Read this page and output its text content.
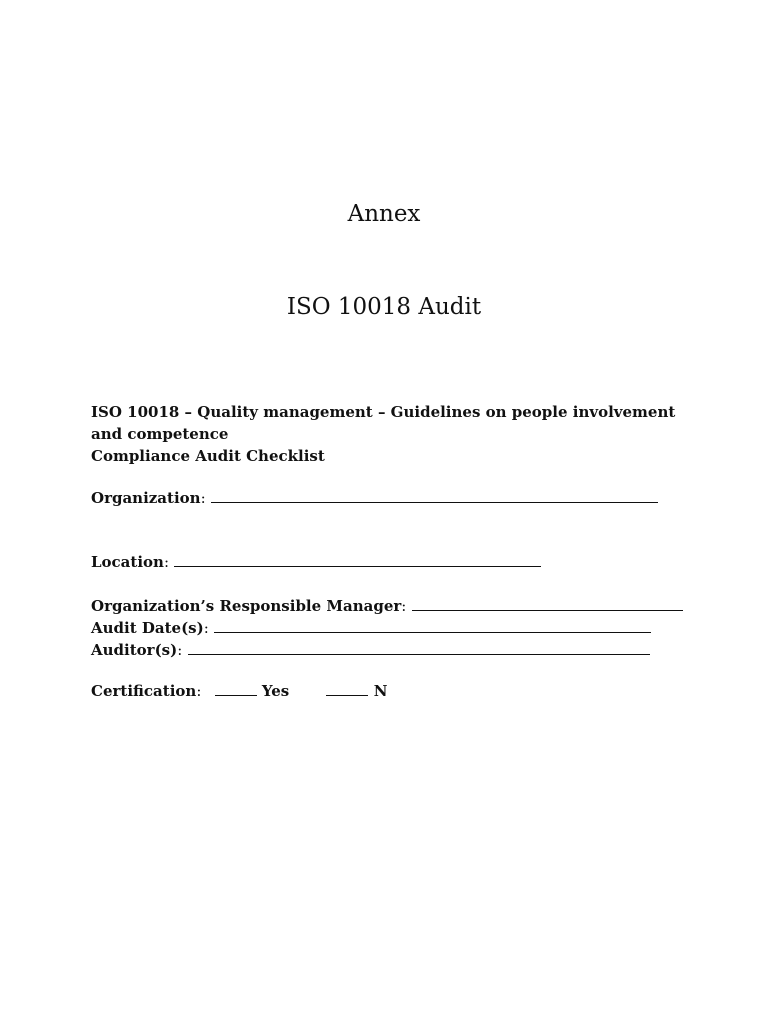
Annex
ISO 10018 Audit
ISO 10018 – Quality management – Guidelines on people involvement
and competence
Compliance Audit Checklist
Organization:
Location:
Organization’s Responsible Manager:
Audit Date(s):
Auditor(s):
Certification:	Yes	N
